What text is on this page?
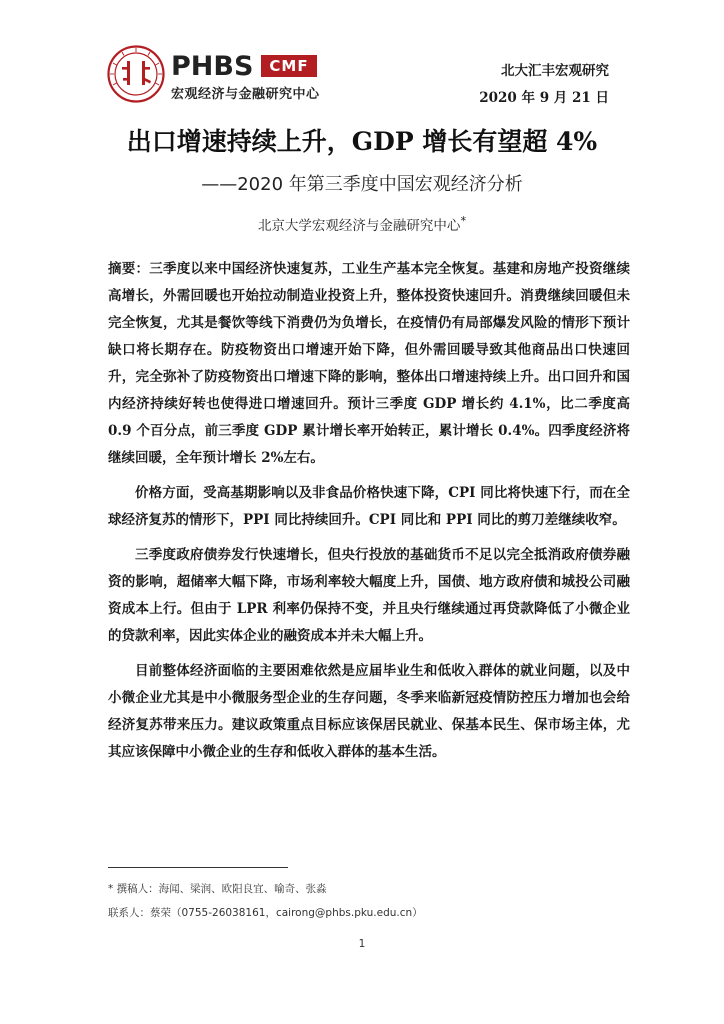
PHBS	CMF
宏观经济与金融研究中心
北大汇丰宏观研究
2020 年 9 月 21 日
出口增速持续上升，GDP 增长有望超 4%
——2020 年第三季度中国宏观经济分析
北京大学宏观经济与金融研究中心*

摘要：三季度以来中国经济快速复苏，工业生产基本完全恢复。基建和房地产投资继续高增长，外需回暖也开始拉动制造业投资上升，整体投资快速回升。消费继续回暖但未完全恢复，尤其是餐饮等线下消费仍为负增长，在疫情仍有局部爆发风险的情形下预计缺口将长期存在。防疫物资出口增速开始下降，但外需回暖导致其他商品出口快速回升，完全弥补了防疫物资出口增速下降的影响，整体出口增速持续上升。出口回升和国内经济持续好转也使得进口增速回升。预计三季度 GDP 增长约 4.1%，比二季度高 0.9 个百分点，前三季度 GDP 累计增长率开始转正，累计增长 0.4%。四季度经济将继续回暖，全年预计增长 2%左右。

价格方面，受高基期影响以及非食品价格快速下降，CPI 同比将快速下行，而在全球经济复苏的情形下，PPI 同比持续回升。CPI 同比和 PPI 同比的剪刀差继续收窄。

三季度政府债券发行快速增长，但央行投放的基础货币不足以完全抵消政府债券融资的影响，超储率大幅下降，市场利率较大幅度上升，国债、地方政府债和城投公司融资成本上行。但由于 LPR 利率仍保持不变，并且央行继续通过再贷款降低了小微企业的贷款利率，因此实体企业的融资成本并未大幅上升。

目前整体经济面临的主要困难依然是应届毕业生和低收入群体的就业问题，以及中小微企业尤其是中小微服务型企业的生存问题，冬季来临新冠疫情防控压力增加也会给经济复苏带来压力。建议政策重点目标应该保居民就业、保基本民生、保市场主体，尤其应该保障中小微企业的生存和低收入群体的基本生活。

* 撰稿人：海闻、梁润、欧阳良宜、喻奇、张淼
联系人：蔡荣（0755-26038161，cairong@phbs.pku.edu.cn）
1
